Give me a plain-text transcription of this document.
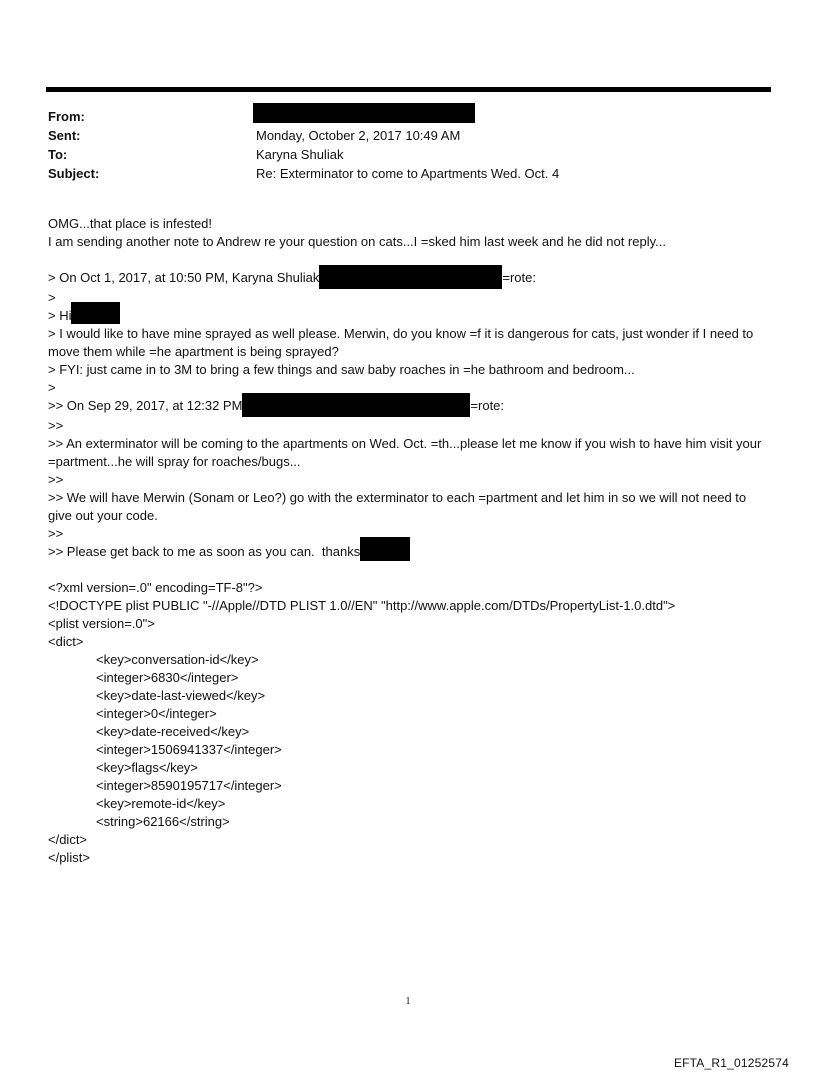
From:
Sent:	Monday, October 2, 2017 10:49 AM
To:	Karyna Shuliak
Subject:	Re: Exterminator to come to Apartments Wed. Oct. 4
OMG...that place is infested!
I am sending another note to Andrew re your question on cats...I =sked him last week and he did not reply...
> On Oct 1, 2017, at 10:50 PM, Karyna Shuliak	=rote:
>
> Hi
> I would like to have mine sprayed as well please. Merwin, do you know =f it is dangerous for cats, just wonder if I need to move them while =he apartment is being sprayed?
> FYI: just came in to 3M to bring a few things and saw baby roaches in =he bathroom and bedroom...
>
>> On Sep 29, 2017, at 12:32 PM	=rote:
>>
>> An exterminator will be coming to the apartments on Wed. Oct. =th...please let me know if you wish to have him visit your =partment...he will spray for roaches/bugs...
>>
>> We will have Merwin (Sonam or Leo?) go with the exterminator to each =partment and let him in so we will not need to give out your code.
>>
>> Please get back to me as soon as you can.  thanks
<?xml version=.0" encoding=TF-8"?>
<!DOCTYPE plist PUBLIC "-//Apple//DTD PLIST 1.0//EN" "http://www.apple.com/DTDs/PropertyList-1.0.dtd">
<plist version=.0">
<dict>
<key>conversation-id</key>
<integer>6830</integer>
<key>date-last-viewed</key>
<integer>0</integer>
<key>date-received</key>
<integer>1506941337</integer>
<key>flags</key>
<integer>8590195717</integer>
<key>remote-id</key>
<string>62166</string>
</dict>
</plist>
1
EFTA_R1_01252574
